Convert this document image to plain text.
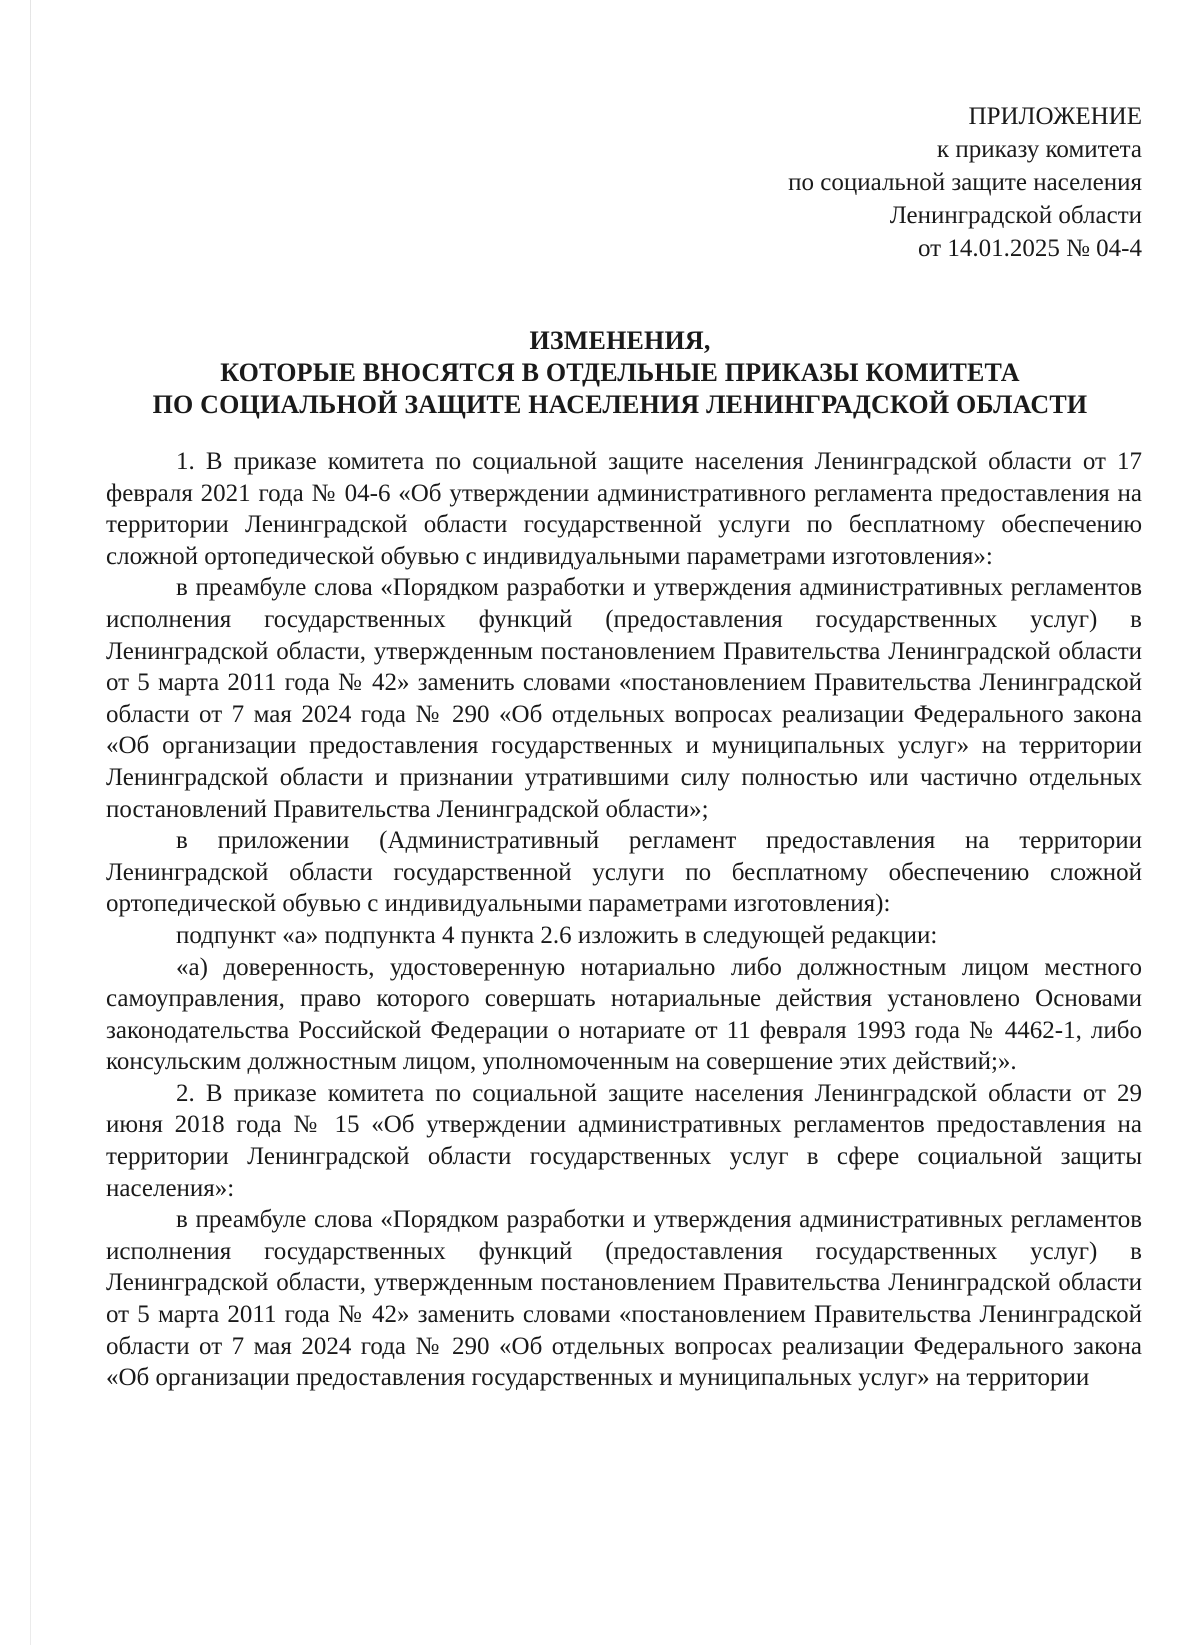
ПРИЛОЖЕНИЕ
к приказу комитета
по социальной защите населения
Ленинградской области
от 14.01.2025 № 04-4
ИЗМЕНЕНИЯ,
КОТОРЫЕ ВНОСЯТСЯ В ОТДЕЛЬНЫЕ ПРИКАЗЫ КОМИТЕТА
ПО СОЦИАЛЬНОЙ ЗАЩИТЕ НАСЕЛЕНИЯ ЛЕНИНГРАДСКОЙ ОБЛАСТИ

1. В приказе комитета по социальной защите населения Ленинградской области от 17 февраля 2021 года № 04-6 «Об утверждении административного регламента предоставления на территории Ленинградской области государственной услуги по бесплатному обеспечению сложной ортопедической обувью с индивидуальными параметрами изготовления»:

в преамбуле слова «Порядком разработки и утверждения административных регламентов исполнения государственных функций (предоставления государственных услуг) в Ленинградской области, утвержденным постановлением Правительства Ленинградской области от 5 марта 2011 года № 42» заменить словами «постановлением Правительства Ленинградской области от 7 мая 2024 года № 290 «Об отдельных вопросах реализации Федерального закона «Об организации предоставления государственных и муниципальных услуг» на территории Ленинградской области и признании утратившими силу полностью или частично отдельных постановлений Правительства Ленинградской области»;

в приложении (Административный регламент предоставления на территории Ленинградской области государственной услуги по бесплатному обеспечению сложной ортопедической обувью с индивидуальными параметрами изготовления):

подпункт «а» подпункта 4 пункта 2.6 изложить в следующей редакции:

«а) доверенность, удостоверенную нотариально либо должностным лицом местного самоуправления, право которого совершать нотариальные действия установлено Основами законодательства Российской Федерации о нотариате от 11 февраля 1993 года № 4462-1, либо консульским должностным лицом, уполномоченным на совершение этих действий;».

2. В приказе комитета по социальной защите населения Ленинградской области от 29 июня 2018 года № 15 «Об утверждении административных регламентов предоставления на территории Ленинградской области государственных услуг в сфере социальной защиты населения»:

в преамбуле слова «Порядком разработки и утверждения административных регламентов исполнения государственных функций (предоставления государственных услуг) в Ленинградской области, утвержденным постановлением Правительства Ленинградской области от 5 марта 2011 года № 42» заменить словами «постановлением Правительства Ленинградской области от 7 мая 2024 года № 290 «Об отдельных вопросах реализации Федерального закона «Об организации предоставления государственных и муниципальных услуг» на территории
